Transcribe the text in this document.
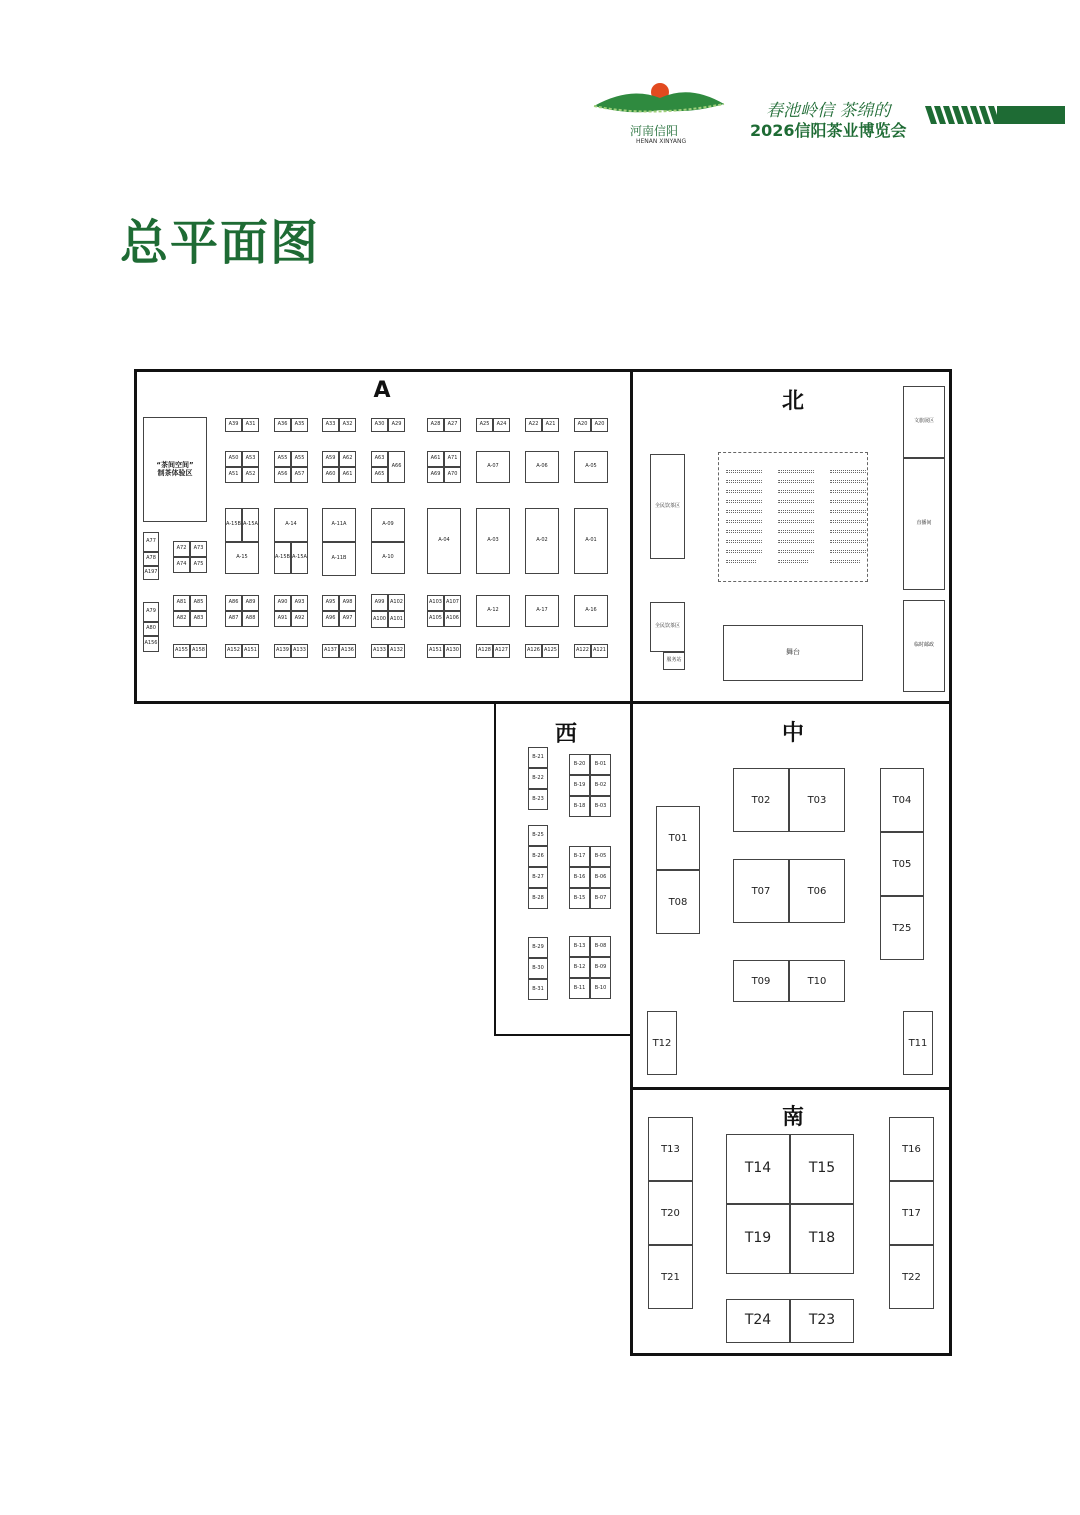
河南信阳
HENAN XINYANG
春池岭信 茶绵的
2026信阳茶业博览会
总平面图
A
“茶间空间”
制茶体验区
A39	A31	A36	A35	A33	A32	A30	A29	A28	A27	A25	A24	A22	A21	A20	A20
A50	A53
A51	A52
A55	A55
A56	A57
A59	A62
A60	A61
A63
A66
A65
A61	A71
A69	A70
A-07	A-06	A-05
A77
A78
A197
A79
A80
A156
A72	A73
A74	A75
A-15B A-15A
A-15
A-14
A-15B A-15A
A-11A
A-11B
A-09
A-10
A-04	A-03	A-02	A-01
A81	A85
A82	A83
A86	A89
A87	A88
A90	A93
A91	A92
A95	A98
A96	A97
A99	A102
A100 A101
A103 A107
A105 A106
A-12	A-17	A-16
A155 A158	A152 A151	A139 A133	A137 A136	A133 A132	A151 A130	A128 A127	A126 A125	A122 A121
北
文旅展区
直播间
临时邮政
全民饮茶区
全民饮茶区
服务站
舞台
西
B-21
B-22
B-23
B-25
B-26
B-27
B-28
B-29
B-30
B-31
B-20	B-01
B-19	B-02
B-18	B-03
B-17	B-05
B-16	B-06
B-15	B-07
B-13	B-08
B-12	B-09
B-11	B-10
中
T01
T08
T02	T03
T07	T06
T09	T10
T04
T05
T25
T12	T11
南
T13
T20
T21
T14	T15
T19	T18
T24	T23
T16
T17
T22
